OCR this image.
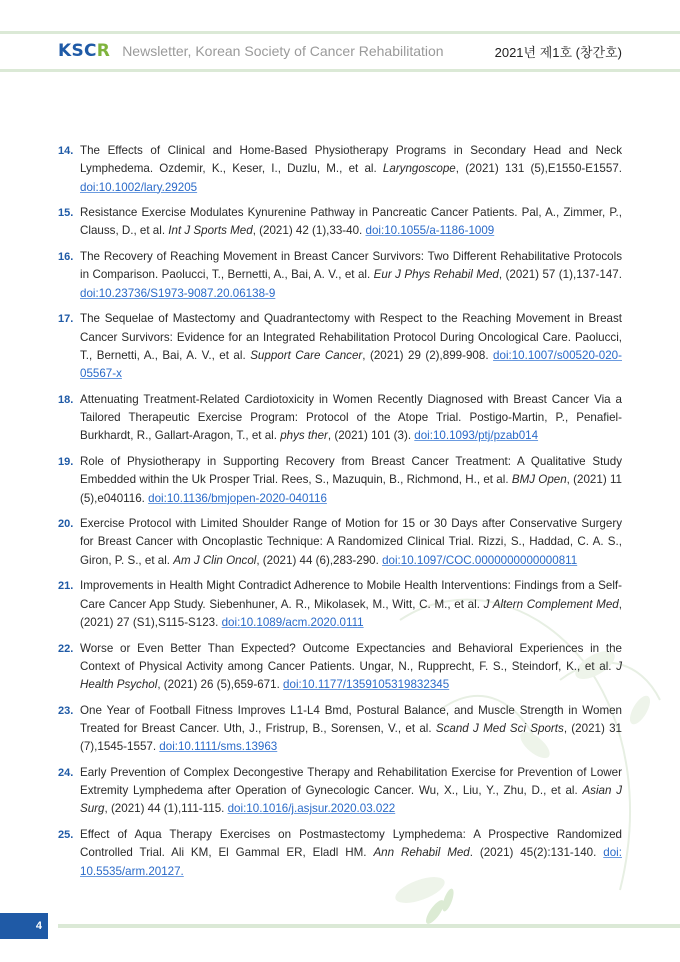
KSCR Newsletter, Korean Society of Cancer Rehabilitation	2021년 제1호 (창간호)
14. The Effects of Clinical and Home-Based Physiotherapy Programs in Secondary Head and Neck Lymphedema. Ozdemir, K., Keser, I., Duzlu, M., et al. Laryngoscope, (2021) 131 (5),E1550-E1557. doi:10.1002/lary.29205
15. Resistance Exercise Modulates Kynurenine Pathway in Pancreatic Cancer Patients. Pal, A., Zimmer, P., Clauss, D., et al. Int J Sports Med, (2021) 42 (1),33-40. doi:10.1055/a-1186-1009
16. The Recovery of Reaching Movement in Breast Cancer Survivors: Two Different Rehabilitative Protocols in Comparison. Paolucci, T., Bernetti, A., Bai, A. V., et al. Eur J Phys Rehabil Med, (2021) 57 (1),137-147. doi:10.23736/S1973-9087.20.06138-9
17. The Sequelae of Mastectomy and Quadrantectomy with Respect to the Reaching Movement in Breast Cancer Survivors: Evidence for an Integrated Rehabilitation Protocol During Oncological Care. Paolucci, T., Bernetti, A., Bai, A. V., et al. Support Care Cancer, (2021) 29 (2),899-908. doi:10.1007/s00520-020-05567-x
18. Attenuating Treatment-Related Cardiotoxicity in Women Recently Diagnosed with Breast Cancer Via a Tailored Therapeutic Exercise Program: Protocol of the Atope Trial. Postigo-Martin, P., Penafiel-Burkhardt, R., Gallart-Aragon, T., et al. phys ther, (2021) 101 (3). doi:10.1093/ptj/pzab014
19. Role of Physiotherapy in Supporting Recovery from Breast Cancer Treatment: A Qualitative Study Embedded within the Uk Prosper Trial. Rees, S., Mazuquin, B., Richmond, H., et al. BMJ Open, (2021) 11 (5),e040116. doi:10.1136/bmjopen-2020-040116
20. Exercise Protocol with Limited Shoulder Range of Motion for 15 or 30 Days after Conservative Surgery for Breast Cancer with Oncoplastic Technique: A Randomized Clinical Trial. Rizzi, S., Haddad, C. A. S., Giron, P. S., et al. Am J Clin Oncol, (2021) 44 (6),283-290. doi:10.1097/COC.0000000000000811
21. Improvements in Health Might Contradict Adherence to Mobile Health Interventions: Findings from a Self-Care Cancer App Study. Siebenhuner, A. R., Mikolasek, M., Witt, C. M., et al. J Altern Complement Med, (2021) 27 (S1),S115-S123. doi:10.1089/acm.2020.0111
22. Worse or Even Better Than Expected? Outcome Expectancies and Behavioral Experiences in the Context of Physical Activity among Cancer Patients. Ungar, N., Rupprecht, F. S., Steindorf, K., et al. J Health Psychol, (2021) 26 (5),659-671. doi:10.1177/1359105319832345
23. One Year of Football Fitness Improves L1-L4 Bmd, Postural Balance, and Muscle Strength in Women Treated for Breast Cancer. Uth, J., Fristrup, B., Sorensen, V., et al. Scand J Med Sci Sports, (2021) 31 (7),1545-1557. doi:10.1111/sms.13963
24. Early Prevention of Complex Decongestive Therapy and Rehabilitation Exercise for Prevention of Lower Extremity Lymphedema after Operation of Gynecologic Cancer. Wu, X., Liu, Y., Zhu, D., et al. Asian J Surg, (2021) 44 (1),111-115. doi:10.1016/j.asjsur.2020.03.022
25. Effect of Aqua Therapy Exercises on Postmastectomy Lymphedema: A Prospective Randomized Controlled Trial. Ali KM, El Gammal ER, Eladl HM. Ann Rehabil Med. (2021) 45(2):131-140. doi: 10.5535/arm.20127.
4
